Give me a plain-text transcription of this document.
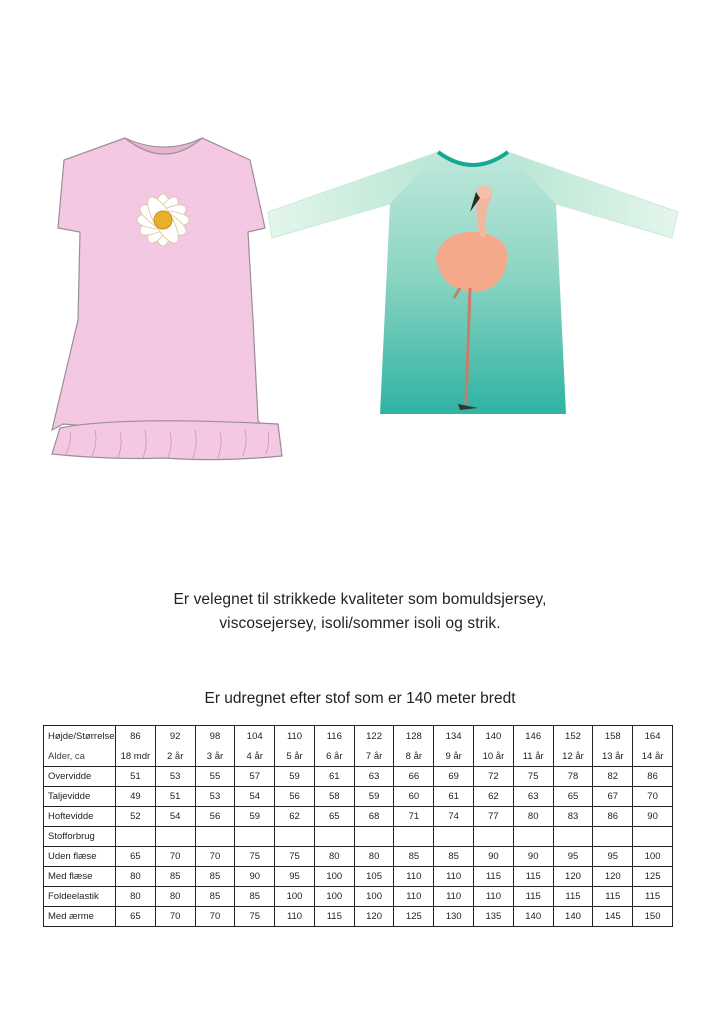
Er velegnet til strikkede kvaliteter som bomuldsjersey,
viscosejersey, isoli/sommer isoli og strik.
Er udregnet efter stof som er 140 meter bredt
Højde/Størrelse	86	92	98	104	110	116	122	128	134	140	146	152	158	164
Alder, ca	18 mdr	2 år	3 år	4 år	5 år	6 år	7 år	8 år	9 år	10 år	11 år	12 år	13 år	14 år
Overvidde	51	53	55	57	59	61	63	66	69	72	75	78	82	86
Taljevidde	49	51	53	54	56	58	59	60	61	62	63	65	67	70
Hoftevidde	52	54	56	59	62	65	68	71	74	77	80	83	86	90
Stofforbrug														
Uden flæse	65	70	70	75	75	80	80	85	85	90	90	95	95	100
Med flæse	80	85	85	90	95	100	105	110	110	115	115	120	120	125
Foldeelastik	80	80	85	85	100	100	100	110	110	110	115	115	115	115
Med ærme	65	70	70	75	110	115	120	125	130	135	140	140	145	150
